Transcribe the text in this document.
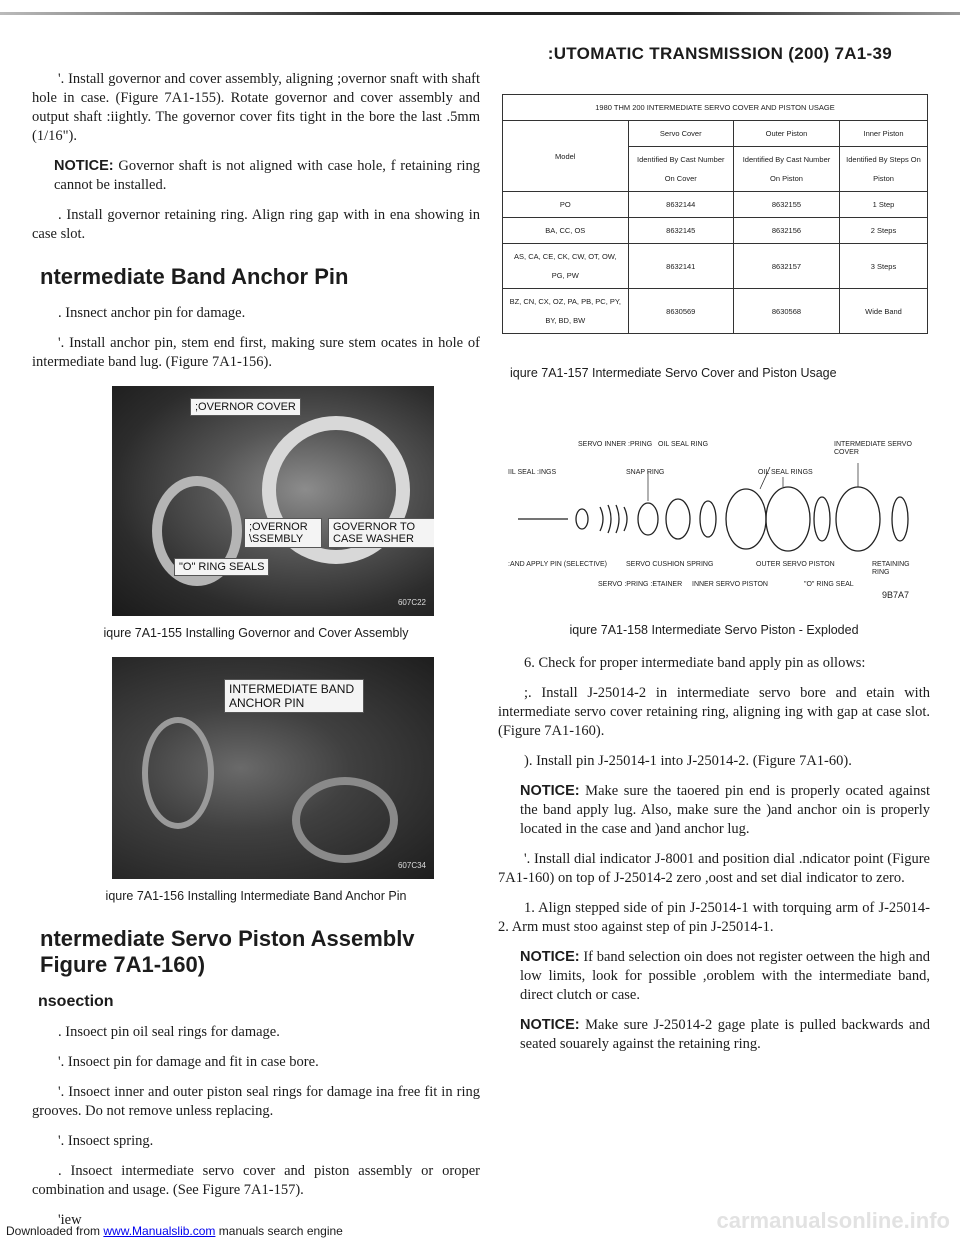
:UTOMATIC TRANSMISSION (200) 7A1-39

'. Install governor and cover assembly, aligning ;overnor snaft with shaft hole in case. (Figure 7A1-155). Rotate governor and cover assembly and output shaft :iightly. The governor cover fits tight in the bore the last .5mm (1/16").

NOTICE: Governor shaft is not aligned with case hole, f retaining ring cannot be installed.

. Install governor retaining ring. Align ring gap with in ena showing in case slot.

ntermediate Band Anchor Pin

. Insnect anchor pin for damage.

'. Install anchor pin, stem end first, making sure stem ocates in hole of intermediate band lug. (Figure 7A1-156).

;OVERNOR COVER
;OVERNOR \SSEMBLY
GOVERNOR TO CASE WASHER
"O" RING SEALS
607C22
iqure 7A1-155 Installing Governor and Cover Assembly
INTERMEDIATE BAND ANCHOR PIN
607C34
iqure 7A1-156 Installing Intermediate Band Anchor Pin
ntermediate Servo Piston Assemblv Figure 7A1-160)
nsoection

. Insoect pin oil seal rings for damage.

'. Insoect pin for damage and fit in case bore.

'. Insoect inner and outer piston seal rings for damage ina free fit in ring grooves. Do not remove unless replacing.

'. Insoect spring.

. Insoect intermediate servo cover and piston assembly or oroper combination and usage. (See Figure 7A1-157).

'iew

1980 THM 200 INTERMEDIATE SERVO COVER AND PISTON USAGE			
Model	Servo Cover	Outer Piston	Inner Piston
	Identified By Cast Number On Cover	Identified By Cast Number On Piston	Identified By Steps On Piston
PO	8632144	8632155	1 Step
BA, CC, OS	8632145	8632156	2 Steps
AS, CA, CE, CK, CW, OT, OW, PG, PW	8632141	8632157	3 Steps
BZ, CN, CX, OZ, PA, PB, PC, PY, BY, BD, BW	8630569	8630568	Wide Band
iqure 7A1-157 Intermediate Servo Cover and Piston Usage
SERVO INNER :PRING OIL SEAL RING	INTERMEDIATE SERVO COVER
IIL SEAL :INGS	SNAP RING	OIL SEAL RINGS
:AND APPLY PIN (SELECTIVE)	SERVO CUSHION SPRING	OUTER SERVO PISTON	RETAINING RING
SERVO :PRING :ETAINER INNER SERVO PISTON	"O" RING SEAL
9B7A7
iqure 7A1-158 Intermediate Servo Piston - Exploded

6. Check for proper intermediate band apply pin as ollows:

;. Install J-25014-2 in intermediate servo bore and etain with intermediate servo cover retaining ring, aligning ing with gap at case slot. (Figure 7A1-160).

). Install pin J-25014-1 into J-25014-2. (Figure 7A1-60).

NOTICE: Make sure the taoered pin end is properly ocated against the band apply lug. Also, make sure the )and anchor oin is properly located in the case and )and anchor lug.

'. Install dial indicator J-8001 and position dial .ndicator point (Figure 7A1-160) on top of J-25014-2 zero ,oost and set dial indicator to zero.

1. Align stepped side of pin J-25014-1 with torquing arm of J-25014-2. Arm must stoo against step of pin J-25014-1.

NOTICE: If band selection oin does not register oetween the high and low limits, look for possible ,oroblem with the intermediate band, direct clutch or case.

NOTICE: Make sure J-25014-2 gage plate is pulled backwards and seated souarely against the retaining ring.

carmanualsonline.info
Downloaded from www.Manualslib.com manuals search engine
